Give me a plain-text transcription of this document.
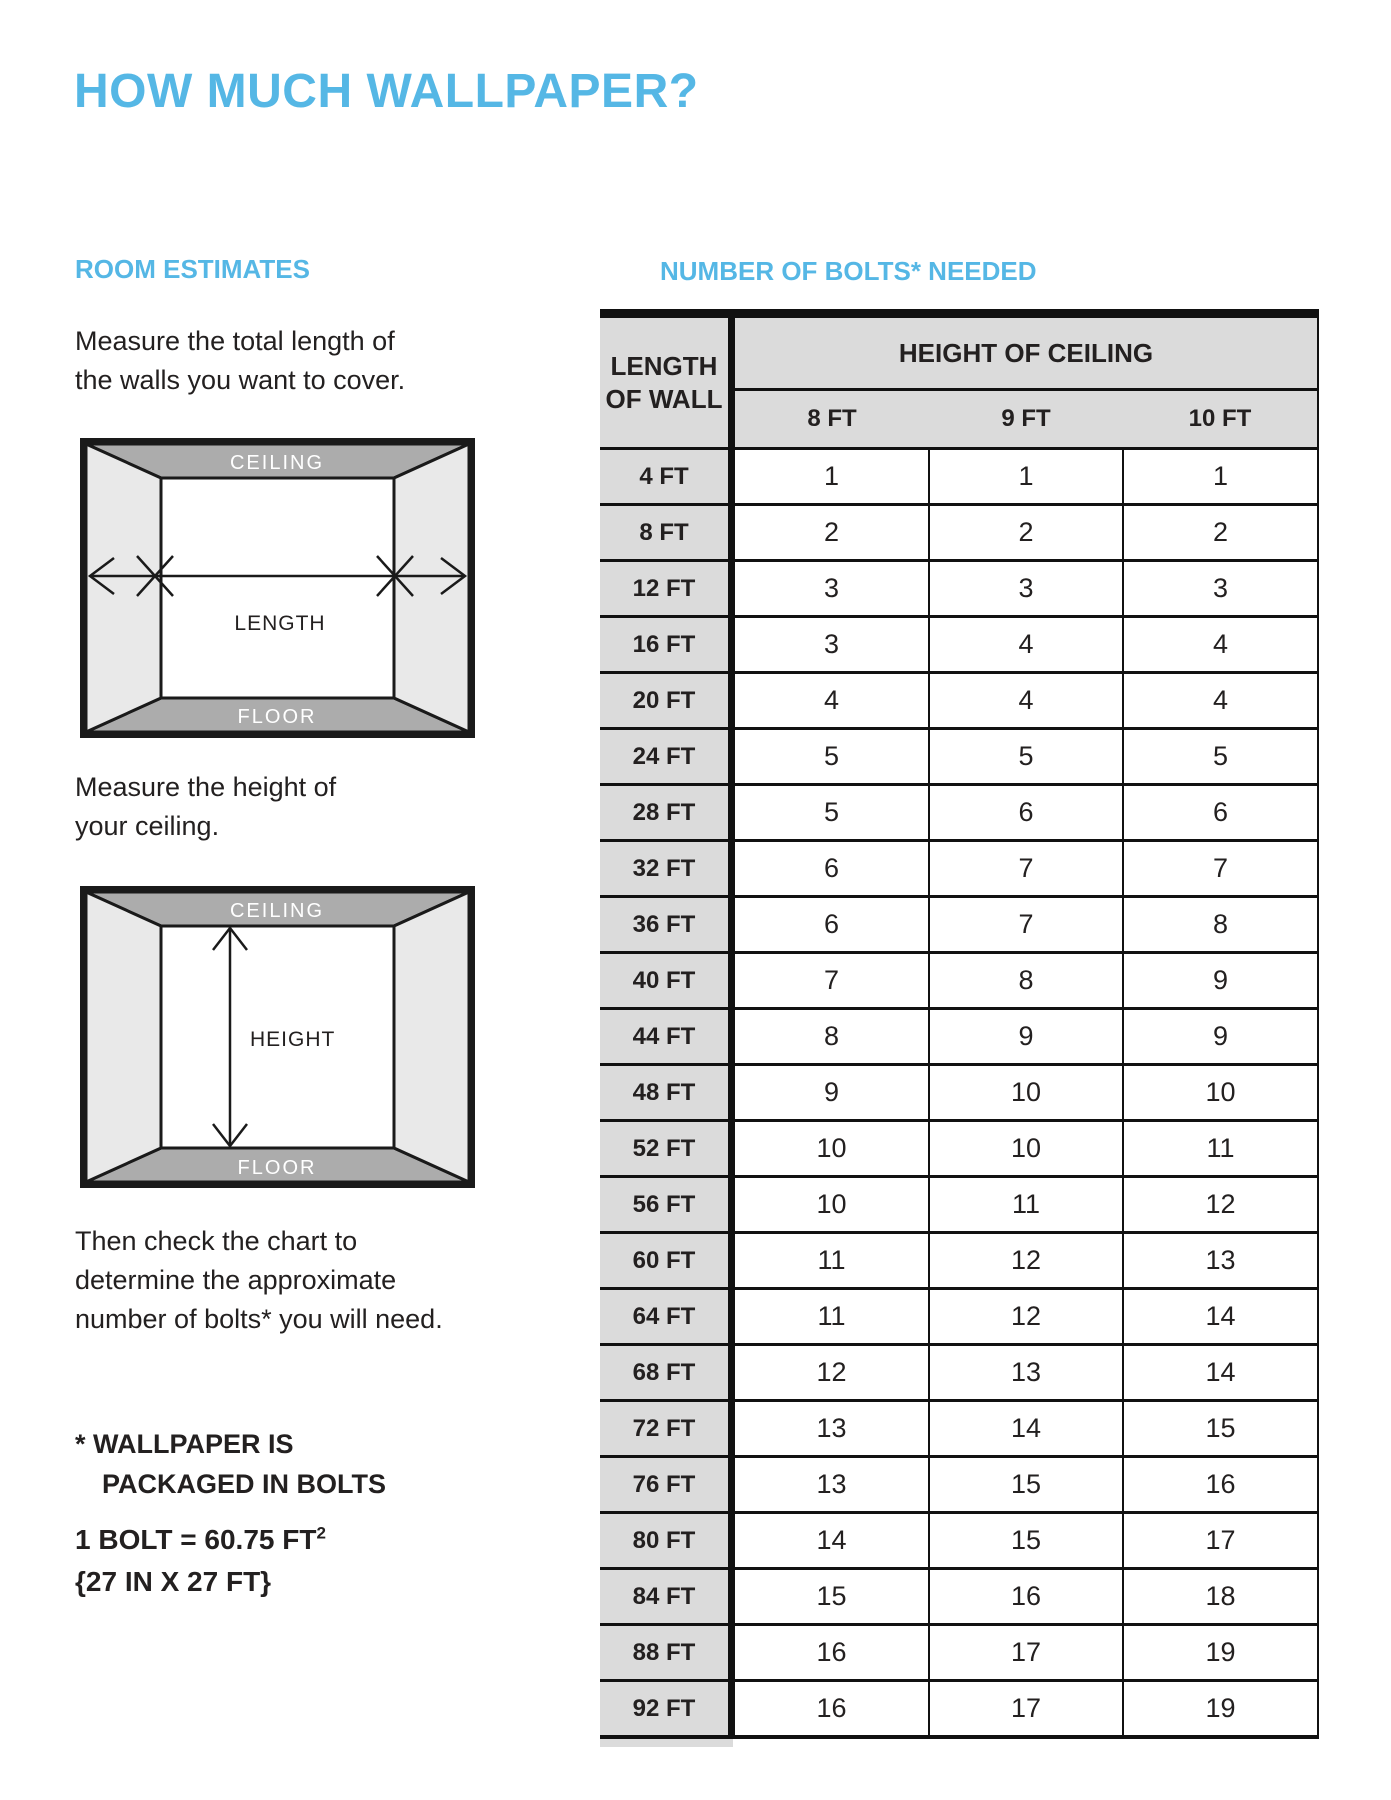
HOW MUCH WALLPAPER?
ROOM ESTIMATES
Measure the total length of
the walls you want to cover.
CEILING
FLOOR
LENGTH
Measure the height of
your ceiling.
CEILING
FLOOR
HEIGHT
Then check the chart to
determine the approximate
number of bolts* you will need.
* WALLPAPER IS
PACKAGED IN BOLTS
1 BOLT = 60.75 $FT^2$
{27 IN X 27 FT}
NUMBER OF BOLTS* NEEDED
LENGTH
OF WALL	HEIGHT OF CEILING		
	8 FT	9 FT	10 FT
4 FT	1	1	1
8 FT	2	2	2
12 FT	3	3	3
16 FT	3	4	4
20 FT	4	4	4
24 FT	5	5	5
28 FT	5	6	6
32 FT	6	7	7
36 FT	6	7	8
40 FT	7	8	9
44 FT	8	9	9
48 FT	9	10	10
52 FT	10	10	11
56 FT	10	11	12
60 FT	11	12	13
64 FT	11	12	14
68 FT	12	13	14
72 FT	13	14	15
76 FT	13	15	16
80 FT	14	15	17
84 FT	15	16	18
88 FT	16	17	19
92 FT	16	17	19
